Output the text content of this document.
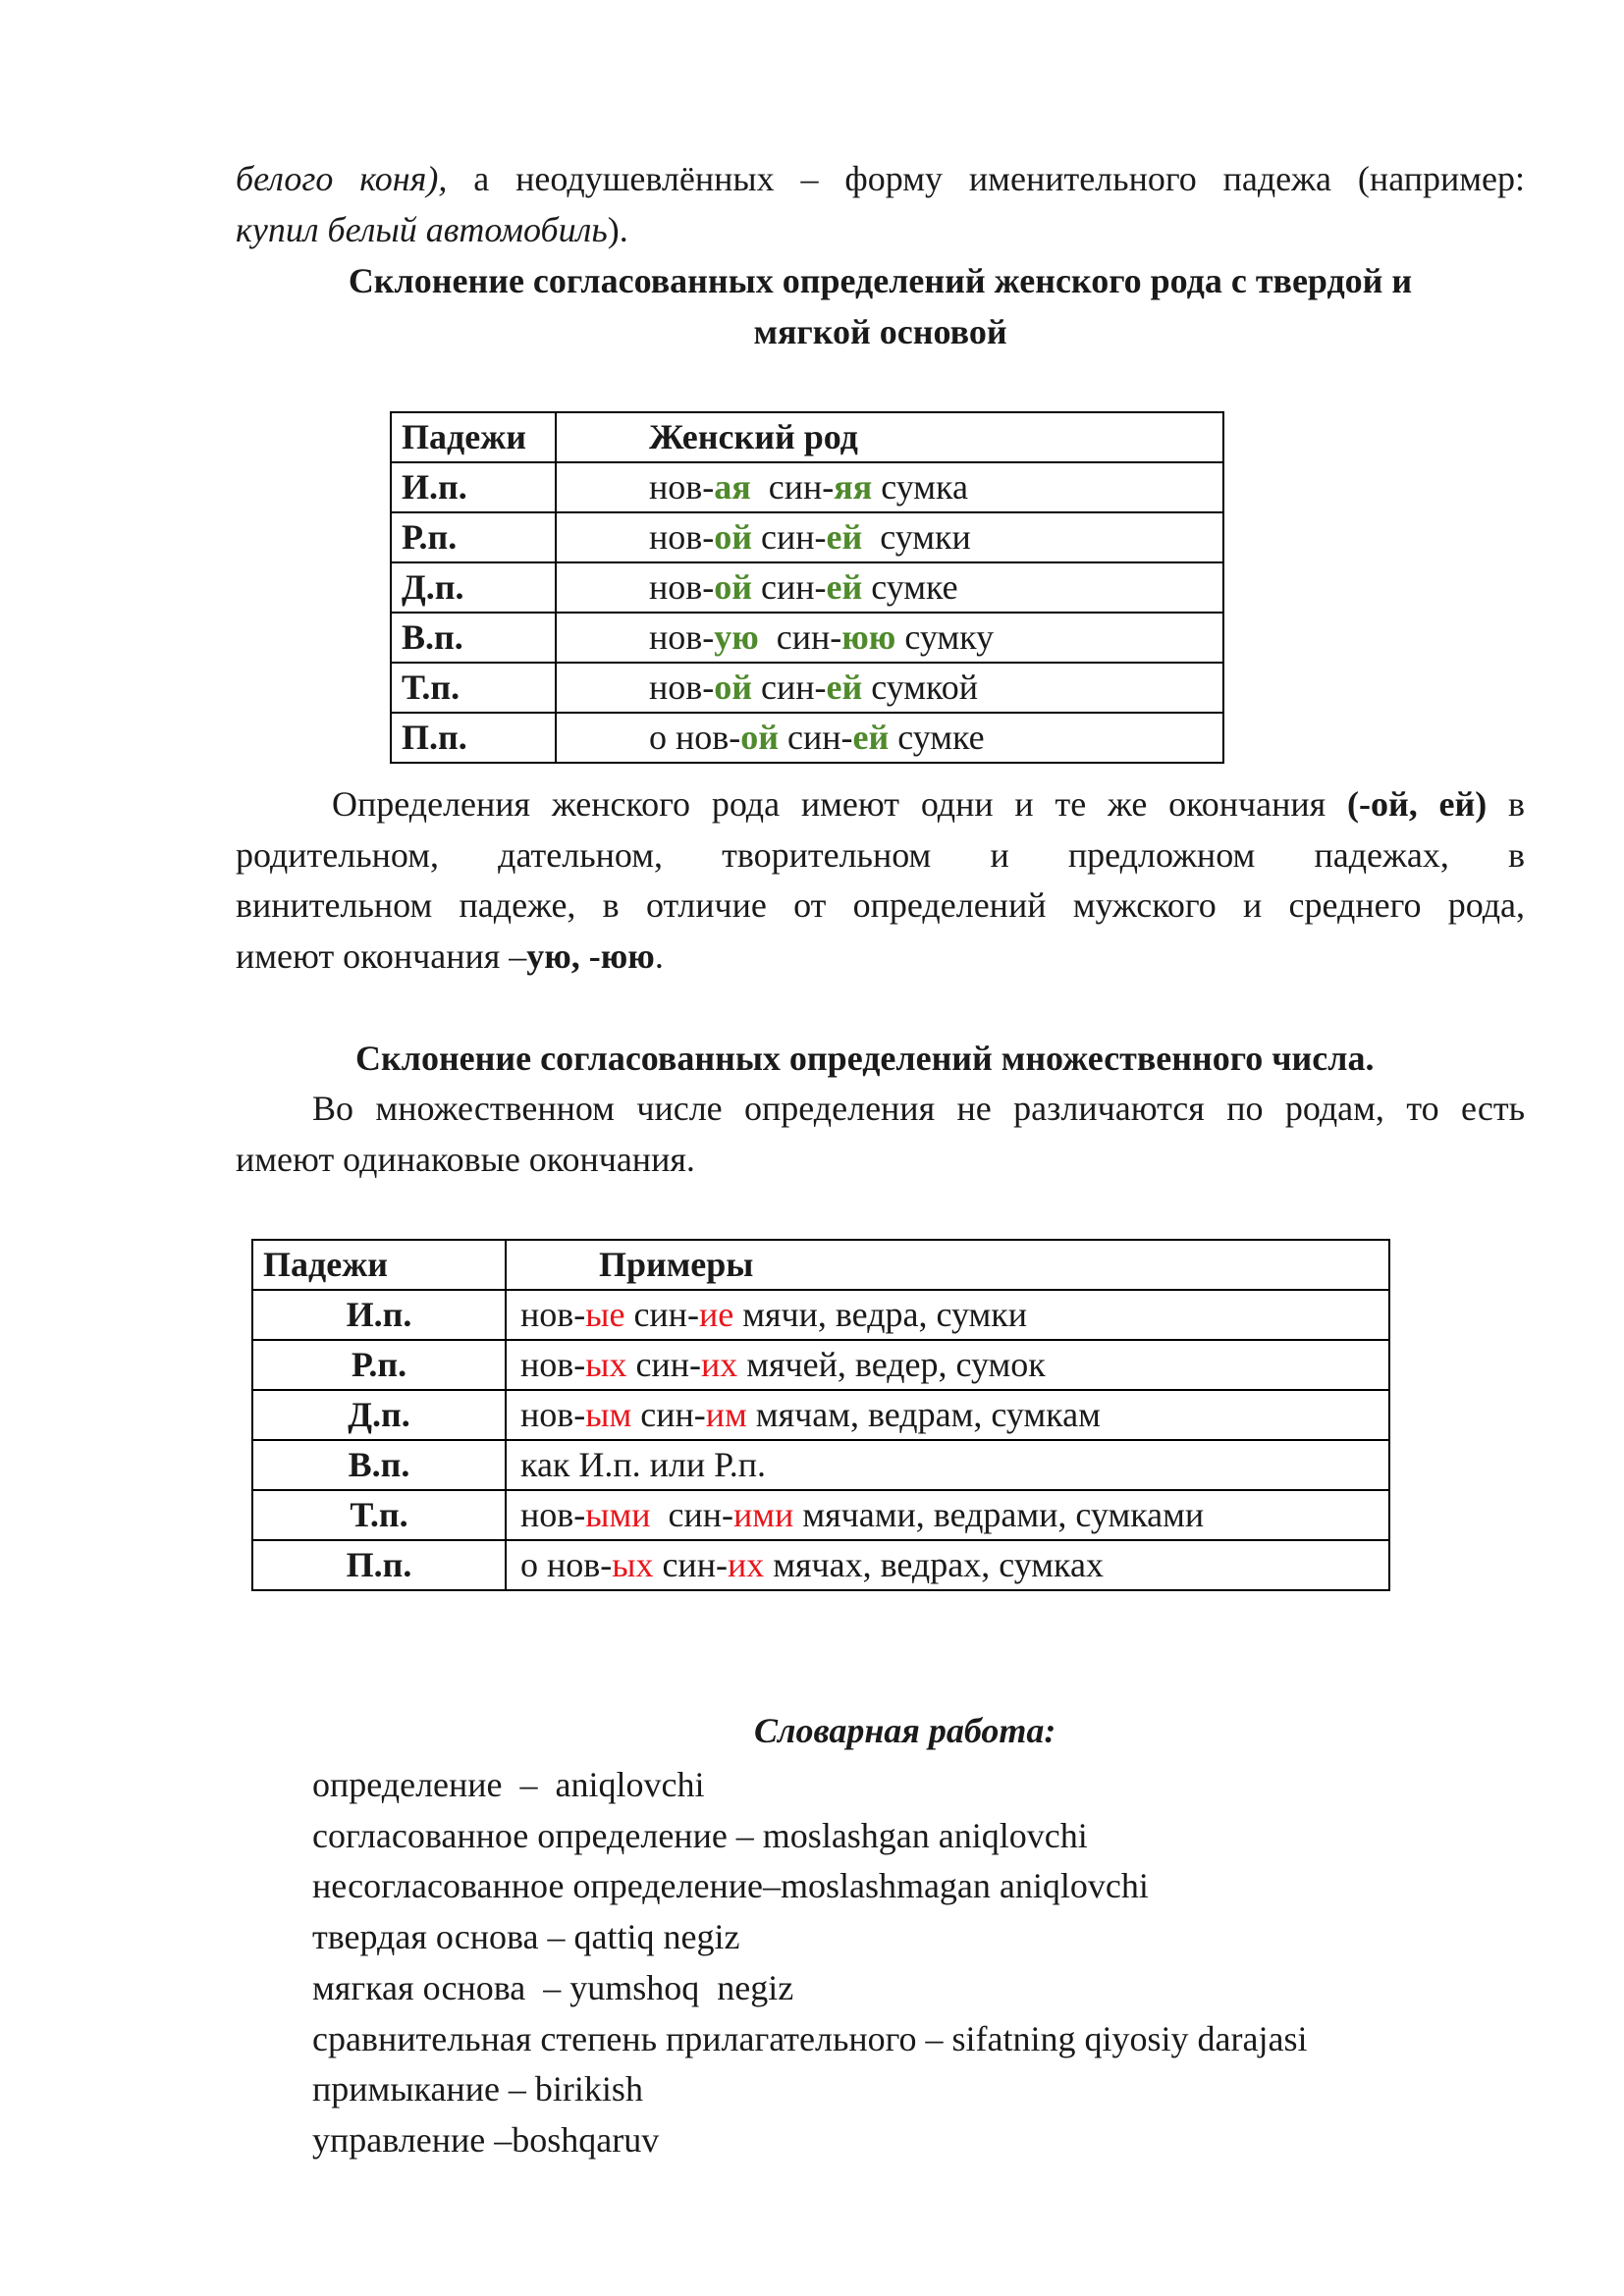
белого коня), а неодушевлённых – форму именительного падежа (например:
купил белый автомобиль).
Склонение согласованных определений женского рода с твердой и
мягкой основой
Падежи	Женский род
И.п.	нов-ая  син-яя сумка
Р.п.	нов-ой син-ей  сумки
Д.п.	нов-ой син-ей сумке
В.п.	нов-ую  син-юю сумку
Т.п.	нов-ой син-ей сумкой
П.п.	о нов-ой син-ей сумке
Определения женского рода имеют одни и те же окончания (-ой, ей) в
родительном, дательном, творительном и предложном падежах, в
винительном падеже, в отличие от определений мужского и среднего рода,
имеют окончания –ую, -юю.
Склонение согласованных определений множественного числа.
Во множественном числе определения не различаются по родам, то есть
имеют одинаковые окончания.
Падежи	Примеры
И.п.	нов-ые син-ие мячи, ведра, сумки
Р.п.	нов-ых син-их мячей, ведер, сумок
Д.п.	нов-ым син-им мячам, ведрам, сумкам
В.п.	как И.п. или Р.п.
Т.п.	нов-ыми  син-ими мячами, ведрами, сумками
П.п.	о нов-ых син-их мячах, ведрах, сумках
Словарная работа:
определение  –  aniqlovchi
согласованное определение – moslashgan aniqlovchi
несогласованное определение–moslashmagan aniqlovchi
твердая основа – qattiq negiz
мягкая основа  – yumshoq  negiz
сравнительная степень прилагательного – sifatning qiyosiy darajasi
примыкание – birikish
управление –boshqaruv
